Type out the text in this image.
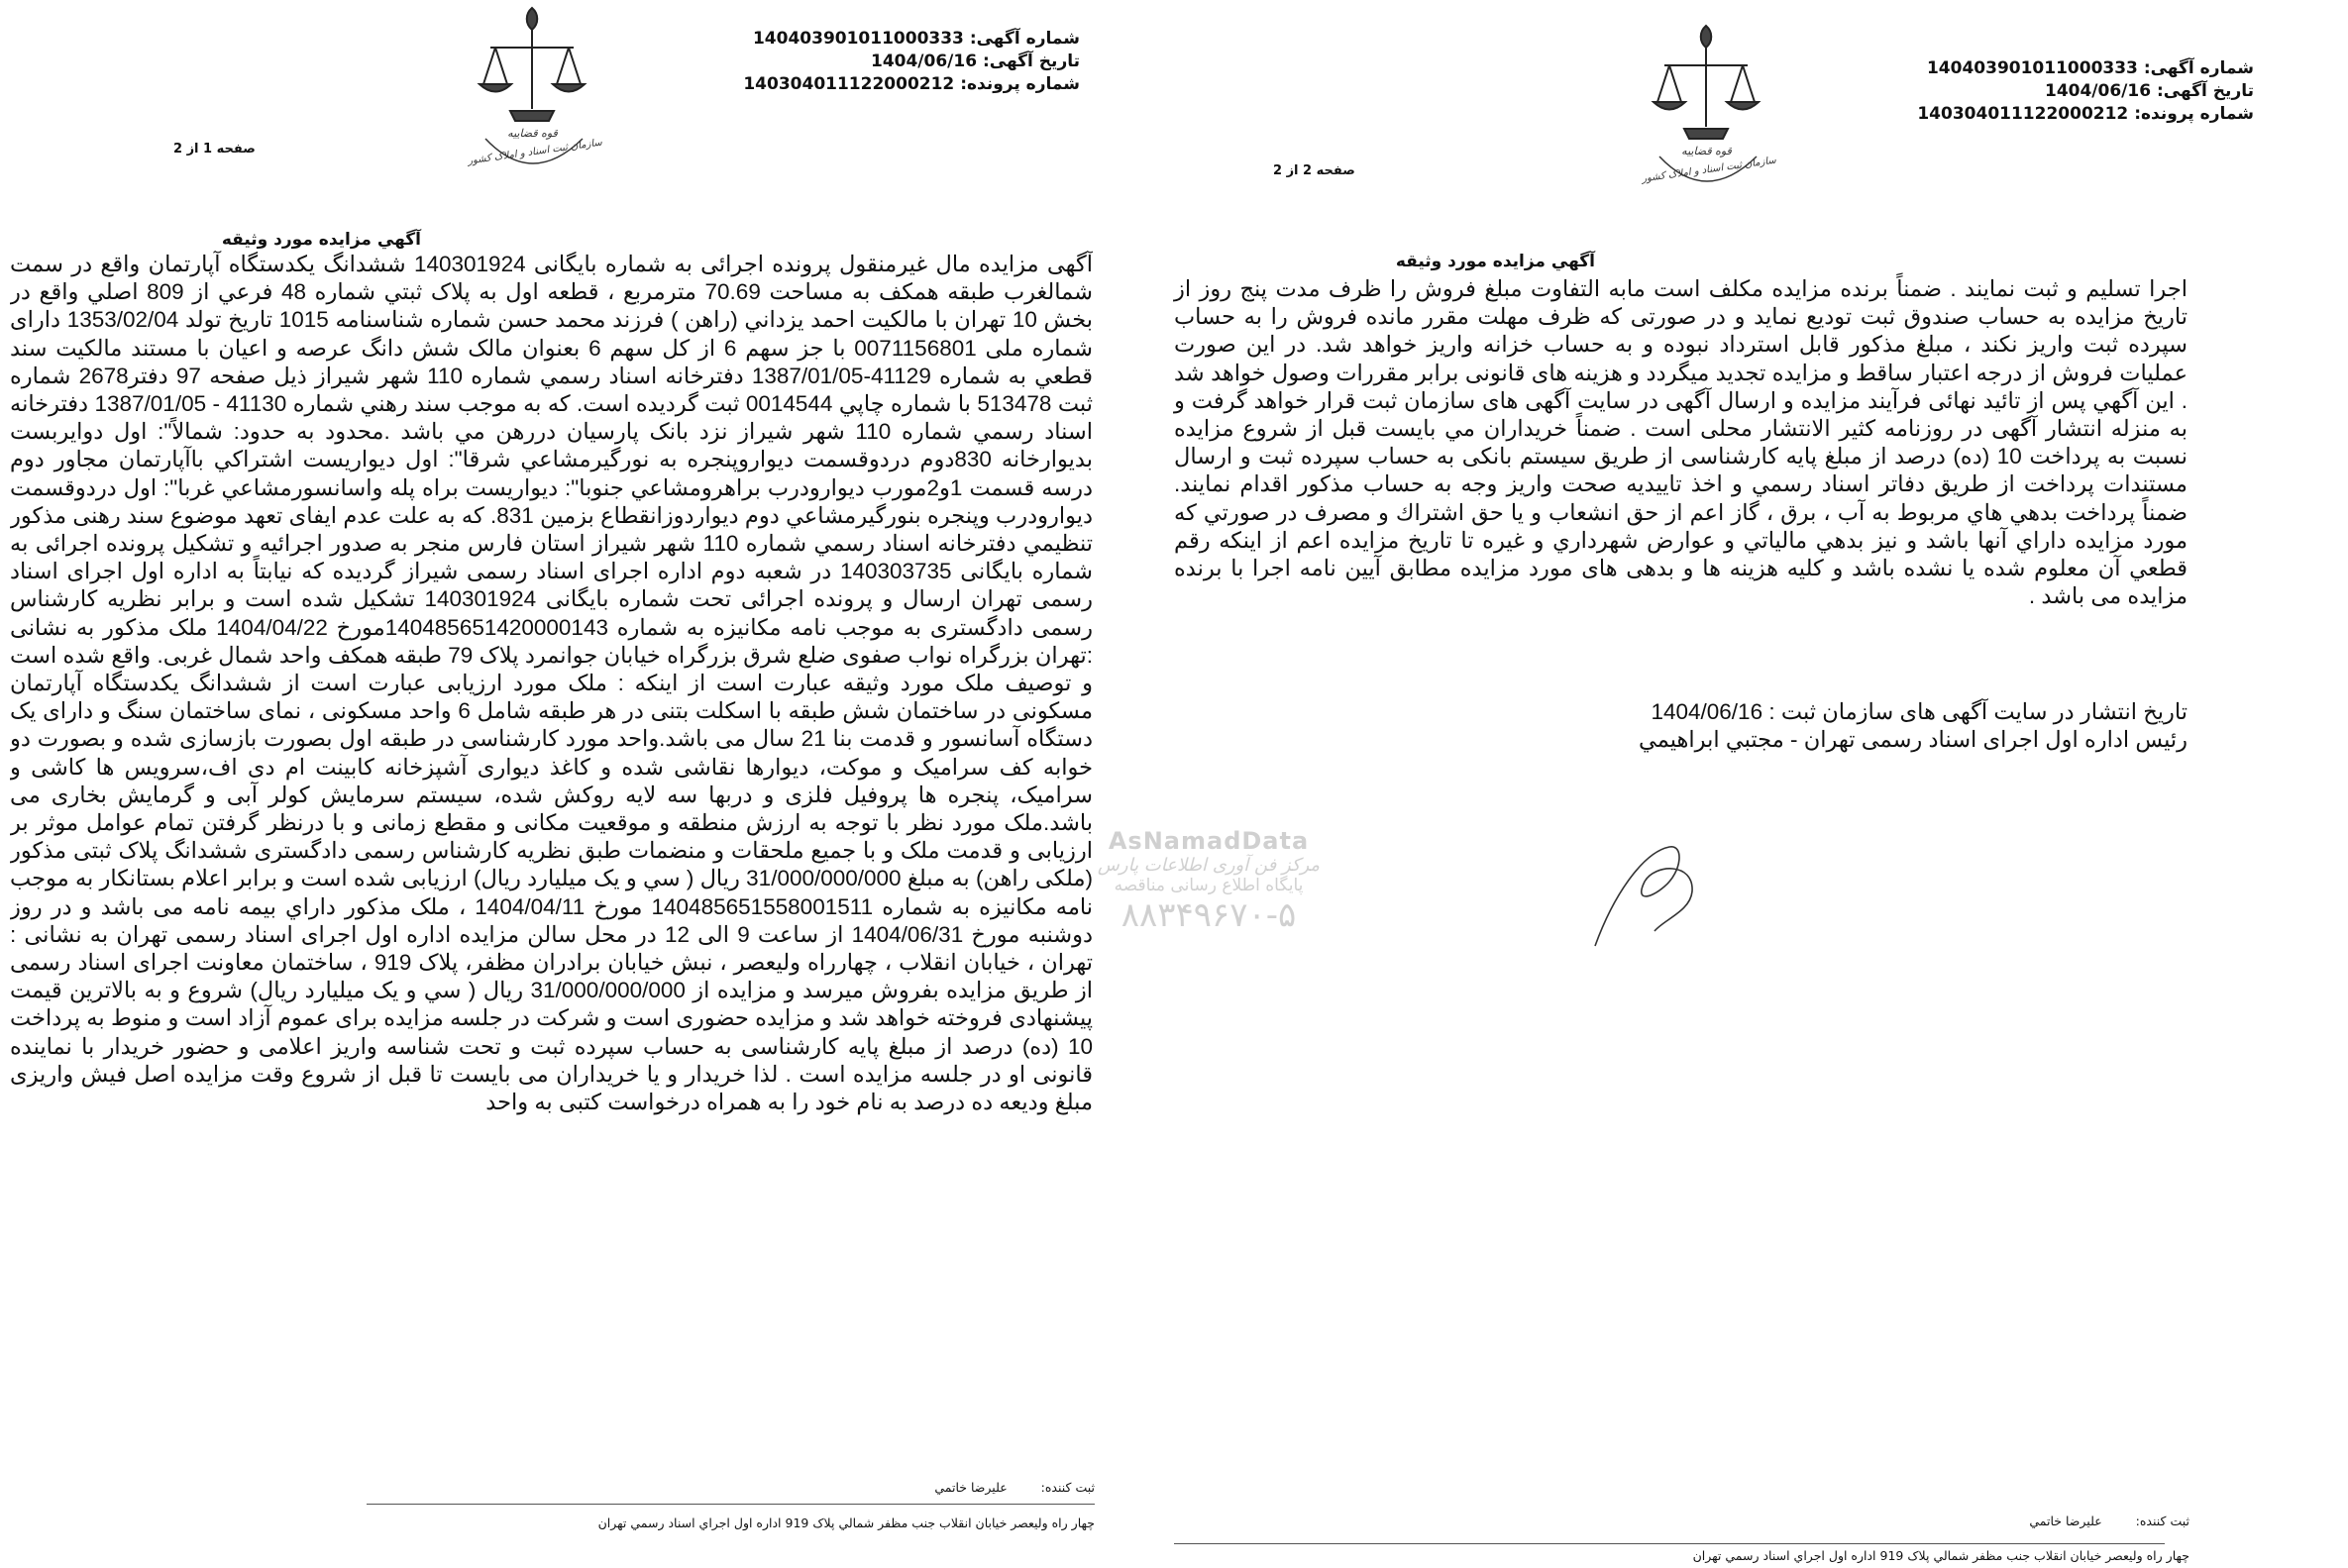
قوه قضاییه
سازمان ثبت اسناد و املاک کشور
شماره آگهی: 140403901011000333
تاریخ آگهی: 1404/06/16
شماره پرونده: 140304011122000212
صفحه 1 از 2
آگهي مزايده مورد وثيقه

آگهی مزايده مال غيرمنقول پرونده اجرائی به شماره بايگانی 140301924 ششدانگ يكدستگاه آپارتمان واقع در سمت شمالغرب طبقه همكف به مساحت 70.69 مترمربع ، قطعه اول به پلاک ثبتي شماره 48 فرعي از 809 اصلي واقع در بخش 10 تهران با مالكيت احمد يزداني (راهن ) فرزند محمد حسن شماره شناسنامه 1015 تاريخ تولد 1353/02/04 دارای شماره ملی 0071156801 با جز سهم 6 از كل سهم 6 بعنوان مالک شش دانگ عرصه و اعيان با مستند مالكيت سند قطعي به شماره 41129-1387/01/05 دفترخانه اسناد رسمي شماره 110 شهر شيراز ذيل صفحه 97 دفتر2678 شماره ثبت 513478 با شماره چاپي 0014544 ثبت گرديده است. كه به موجب سند رهني شماره 41130 - 1387/01/05 دفترخانه اسناد رسمي شماره 110 شهر شيراز نزد بانک پارسيان دررهن مي باشد .محدود به حدود: شمالاً": اول دوايربست بديوارخانه 830دوم دردوقسمت ديوارو‌پنجره به نورگيرمشاعي شرقا": اول ديواريست اشتراكي باآپارتمان مجاور دوم درسه قسمت 1و2مورب ديوارودرب براهرومشاعي جنوبا": ديواريست براه پله واسانسورمشاعي غربا": اول دردوقسمت ديوارودرب وپنجره بنورگيرمشاعي دوم ديواردوزانقطاع بزمين 831. كه به علت عدم ايفای تعهد موضوع سند رهنی مذكور تنظيمي دفترخانه اسناد رسمي شماره 110 شهر شيراز استان فارس منجر به صدور اجرائيه و تشكيل پرونده اجرائی به شماره بايگانی 140303735 در شعبه دوم اداره اجرای اسناد رسمی شيراز گرديده كه نيابتاً به اداره اول اجرای اسناد رسمی تهران ارسال و پرونده اجرائی تحت شماره بايگانی 140301924 تشكيل شده است و برابر نظريه كارشناس رسمی دادگستری به موجب نامه مكانيزه به شماره 140485651420000143مورخ 1404/04/22 ملک مذكور به نشانی :تهران بزرگراه نواب صفوی ضلع شرق بزرگراه خيابان جوانمرد پلاک 79 طبقه همكف واحد شمال غربی. واقع شده است و توصيف ملک مورد وثيقه عبارت است از اينكه : ملک مورد ارزيابی عبارت است از ششدانگ يكدستگاه آپارتمان مسكونی در ساختمان شش طبقه با اسكلت بتنی در هر طبقه شامل 6 واحد مسكونی ، نمای ساختمان سنگ و دارای يک دستگاه آسانسور و قدمت بنا 21 سال می باشد.واحد مورد كارشناسی در طبقه اول بصورت بازسازی شده و بصورت دو خوابه كف سراميک و موكت، ديوارها نقاشی شده و كاغذ ديواری آشپزخانه كابينت ام دی اف،سرويس ها كاشی و سراميک، پنجره ها پروفيل فلزی و دربها سه لايه روكش شده، سيستم سرمايش كولر آبی و گرمايش بخاری می باشد.ملک مورد نظر با توجه به ارزش منطقه و موقعيت مكانی و مقطع زمانی و با درنظر گرفتن تمام عوامل موثر بر ارزيابی و قدمت ملک و با جميع ملحقات و منضمات طبق نظريه كارشناس رسمی دادگستری ششدانگ پلاک ثبتی مذكور (ملكی راهن) به مبلغ 31/000/000/000 ريال ( سي و يک ميليارد ريال) ارزيابی شده است و برابر اعلام بستانكار به موجب نامه مكانيزه به شماره 140485651558001511 مورخ 1404/04/11 ، ملک مذكور داراي بيمه نامه می باشد و در روز دوشنبه مورخ 1404/06/31 از ساعت 9 الی 12 در محل سالن مزايده اداره اول اجرای اسناد رسمی تهران به نشانی : تهران ، خيابان انقلاب ، چهارراه وليعصر ، نبش خيابان برادران مظفر، پلاک 919 ، ساختمان معاونت اجرای اسناد رسمی از طريق مزايده بفروش ميرسد و مزايده از 31/000/000/000 ريال ( سي و يک ميليارد ريال) شروع و به بالاترين قيمت پيشنهادی فروخته خواهد شد و مزايده حضوری است و شركت در جلسه مزايده برای عموم آزاد است و منوط به پرداخت 10 (ده) درصد از مبلغ پايه كارشناسی به حساب سپرده ثبت و تحت شناسه واريز اعلامی و حضور خريدار با نماينده قانونی او در جلسه مزايده است . لذا خريدار و يا خريداران می بايست تا قبل از شروع وقت مزايده اصل فيش واريزی مبلغ وديعه ده درصد به نام خود را به همراه درخواست كتبی به واحد

ثبت كننده: عليرضا خاتمي
چهار راه وليعصر خيابان انقلاب جنب مظفر شمالي پلاک 919 اداره اول اجراي اسناد رسمي تهران
قوه قضاییه
سازمان ثبت اسناد و املاک کشور
شماره آگهی: 140403901011000333
تاریخ آگهی: 1404/06/16
شماره پرونده: 140304011122000212
صفحه 2 از 2
آگهي مزايده مورد وثيقه

اجرا تسليم و ثبت نمايند . ضمناً برنده مزايده مكلف است مابه التفاوت مبلغ فروش را ظرف مدت پنج روز از تاريخ مزايده به حساب صندوق ثبت توديع نمايد و در صورتی که ظرف مهلت مقرر مانده فروش را به حساب سپرده ثبت واريز نكند ، مبلغ مذكور قابل استرداد نبوده و به حساب خزانه واريز خواهد شد. در اين صورت عمليات فروش از درجه اعتبار ساقط و مزايده تجديد ميگردد و هزينه های قانونی برابر مقررات وصول خواهد شد . اين آگهي پس از تائيد نهائی فرآيند مزايده و ارسال آگهی در سايت آگهی های سازمان ثبت قرار خواهد گرفت و به منزله انتشار آگهی در روزنامه كثير الانتشار محلی است . ضمناً خريداران مي بايست قبل از شروع مزايده نسبت به پرداخت 10 (ده) درصد از مبلغ پايه كارشناسی از طريق سيستم بانكی به حساب سپرده ثبت و ارسال مستندات پرداخت از طريق دفاتر اسناد رسمي و اخذ تاييديه صحت واريز وجه به حساب مذكور اقدام نمايند. ضمناً پرداخت بدهي هاي مربوط به آب ، برق ، گاز اعم از حق انشعاب و يا حق اشتراك و مصرف در صورتي كه مورد مزايده داراي آنها باشد و نيز بدهي مالياتي و عوارض شهرداري و غيره تا تاريخ مزايده اعم از اينكه رقم قطعي آن معلوم شده يا نشده باشد و كليه هزينه ها و بدهی های مورد مزايده مطابق آيين نامه اجرا با برنده مزايده می باشد .

تاريخ انتشار در سايت آگهی های سازمان ثبت : 1404/06/16
رئيس اداره اول اجرای اسناد رسمی تهران - مجتبي ابراهيمي
ثبت كننده: عليرضا خاتمي
چهار راه وليعصر خيابان انقلاب جنب مظفر شمالي پلاک 919 اداره اول اجراي اسناد رسمي تهران
AsNamadData
مرکز فن آوری اطلاعات پارس
پایگاه اطلاع رسانی مناقصه
۸۸۳۴۹۶۷۰-۵
